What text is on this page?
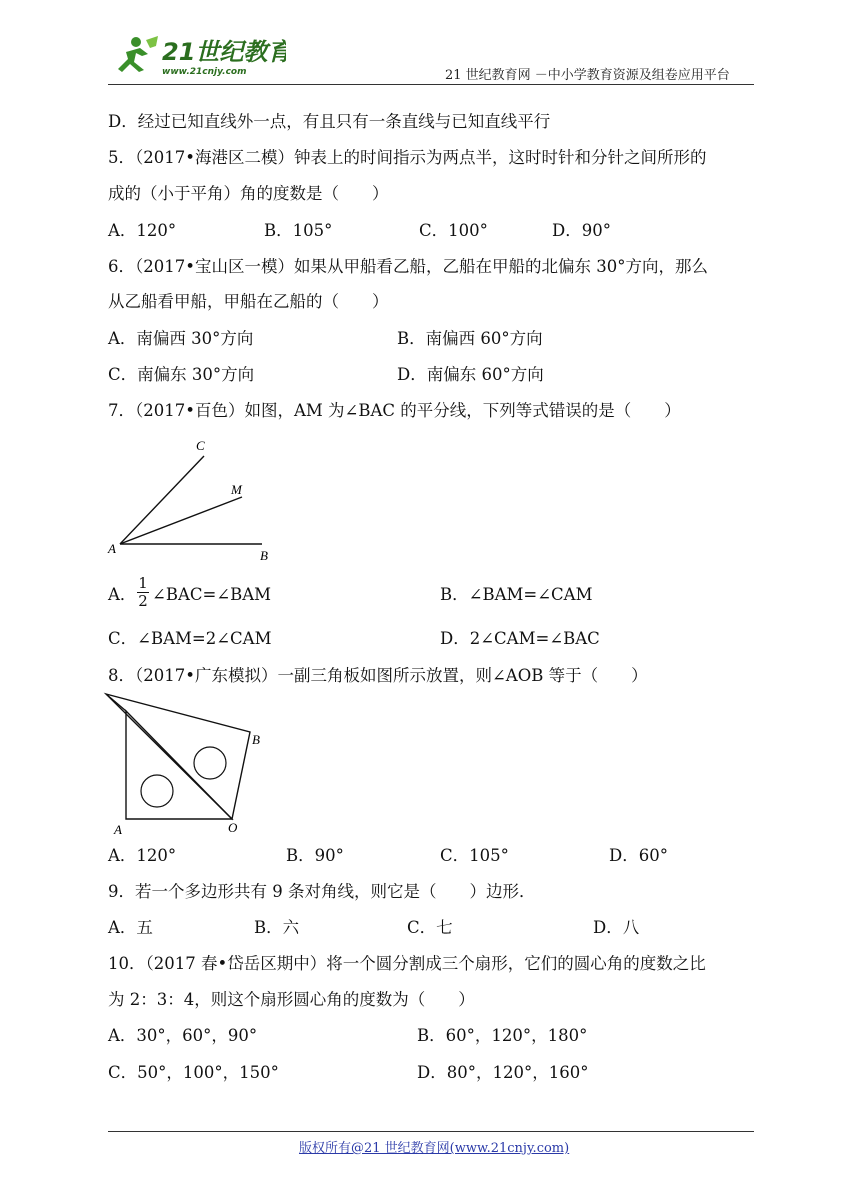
21世纪教育
www.21cnjy.com	21 世纪教育网 －中小学教育资源及组卷应用平台
D．经过已知直线外一点，有且只有一条直线与已知直线平行
5．（2017•海港区二模）钟表上的时间指示为两点半，这时时针和分针之间所形的
成的（小于平角）角的度数是（　　）
A．120°	B．105°	C．100°	D．90°
6．（2017•宝山区一模）如果从甲船看乙船，乙船在甲船的北偏东 30°方向，那么
从乙船看甲船，甲船在乙船的（　　）
A．南偏西 30°方向	B．南偏西 60°方向
C．南偏东 30°方向	D．南偏东 60°方向
7．（2017•百色）如图，AM 为∠BAC 的平分线，下列等式错误的是（　　）
A	B
C
M
A．
1
2 ∠BAC=∠BAM	B．∠BAM=∠CAM
C．∠BAM=2∠CAM	D．2∠CAM=∠BAC
8．（2017•广东模拟）一副三角板如图所示放置，则∠AOB 等于（　　）
A
B
O
A．120°	B．90°	C．105°	D．60°
9．若一个多边形共有 9 条对角线，则它是（　　）边形．
A．五	B．六	C．七	D．八
10．（2017 春•岱岳区期中）将一个圆分割成三个扇形，它们的圆心角的度数之比
为 2：3：4，则这个扇形圆心角的度数为（　　）
A．30°，60°，90°	B．60°，120°，180°
C．50°，100°，150°	D．80°，120°，160°
版权所有@21 世纪教育网(www.21cnjy.com)
